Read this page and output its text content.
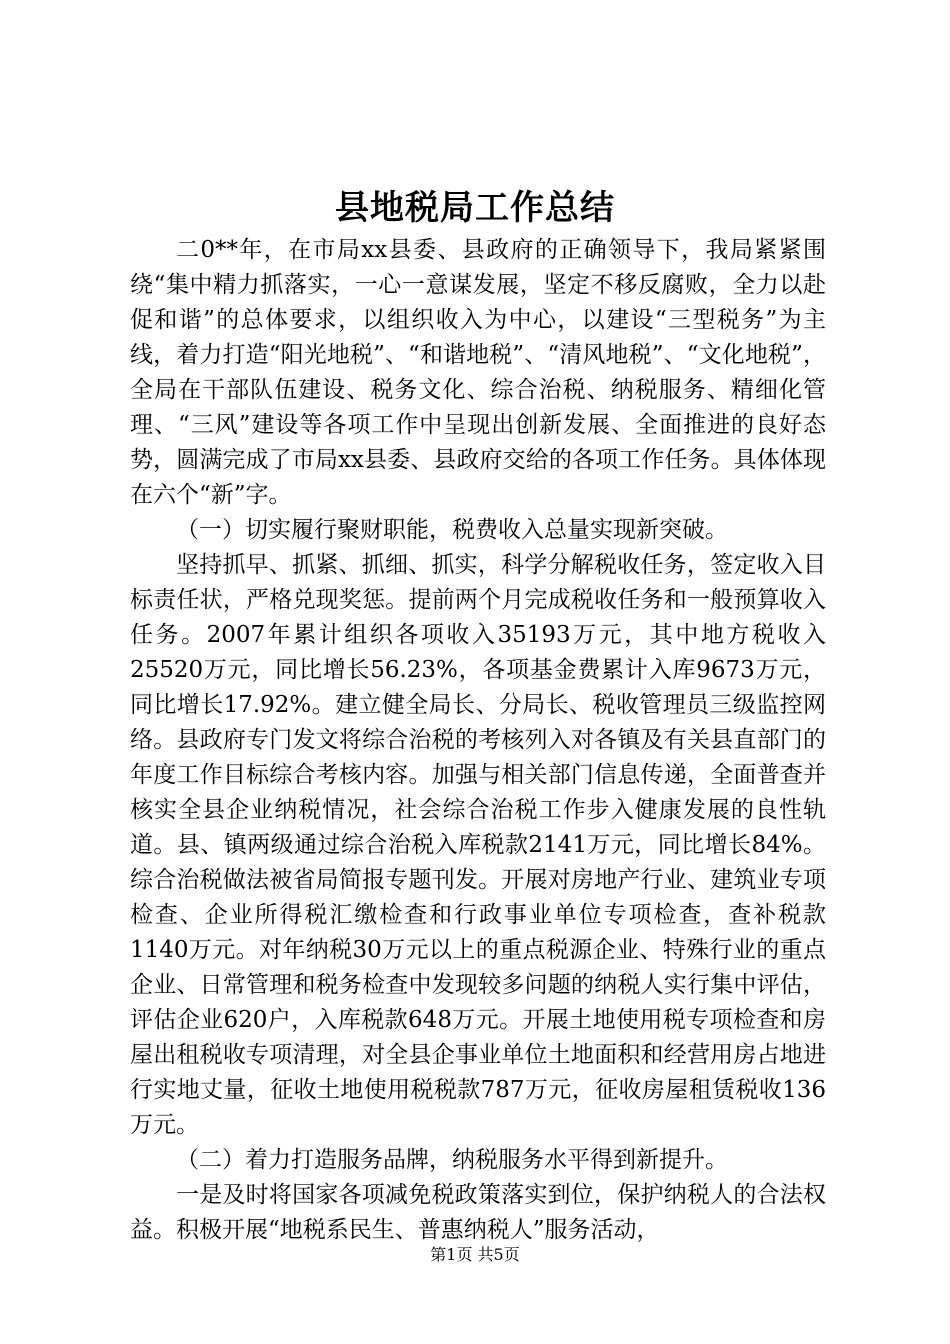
县地税局工作总结

二0**年，在市局xx县委、县政府的正确领导下，我局紧紧围绕“集中精力抓落实，一心一意谋发展，坚定不移反腐败，全力以赴促和谐”的总体要求，以组织收入为中心，以建设“三型税务”为主线，着力打造“阳光地税”、“和谐地税”、“清风地税”、“文化地税”，全局在干部队伍建设、税务文化、综合治税、纳税服务、精细化管理、“三风”建设等各项工作中呈现出创新发展、全面推进的良好态势，圆满完成了市局xx县委、县政府交给的各项工作任务。具体体现在六个“新”字。

（一）切实履行聚财职能，税费收入总量实现新突破。

坚持抓早、抓紧、抓细、抓实，科学分解税收任务，签定收入目标责任状，严格兑现奖惩。提前两个月完成税收任务和一般预算收入任务。2007年累计组织各项收入35193万元，其中地方税收入25520万元，同比增长56.23%，各项基金费累计入库9673万元，同比增长17.92%。建立健全局长、分局长、税收管理员三级监控网络。县政府专门发文将综合治税的考核列入对各镇及有关县直部门的年度工作目标综合考核内容。加强与相关部门信息传递，全面普查并核实全县企业纳税情况，社会综合治税工作步入健康发展的良性轨道。县、镇两级通过综合治税入库税款2141万元，同比增长84%。综合治税做法被省局简报专题刊发。开展对房地产行业、建筑业专项检查、企业所得税汇缴检查和行政事业单位专项检查，查补税款1140万元。对年纳税30万元以上的重点税源企业、特殊行业的重点企业、日常管理和税务检查中发现较多问题的纳税人实行集中评估，评估企业620户，入库税款648万元。开展土地使用税专项检查和房屋出租税收专项清理，对全县企事业单位土地面积和经营用房占地进行实地丈量，征收土地使用税税款787万元，征收房屋租赁税收136万元。

（二）着力打造服务品牌，纳税服务水平得到新提升。

一是及时将国家各项减免税政策落实到位，保护纳税人的合法权益。积极开展“地税系民生、普惠纳税人”服务活动，

第1页 共5页
